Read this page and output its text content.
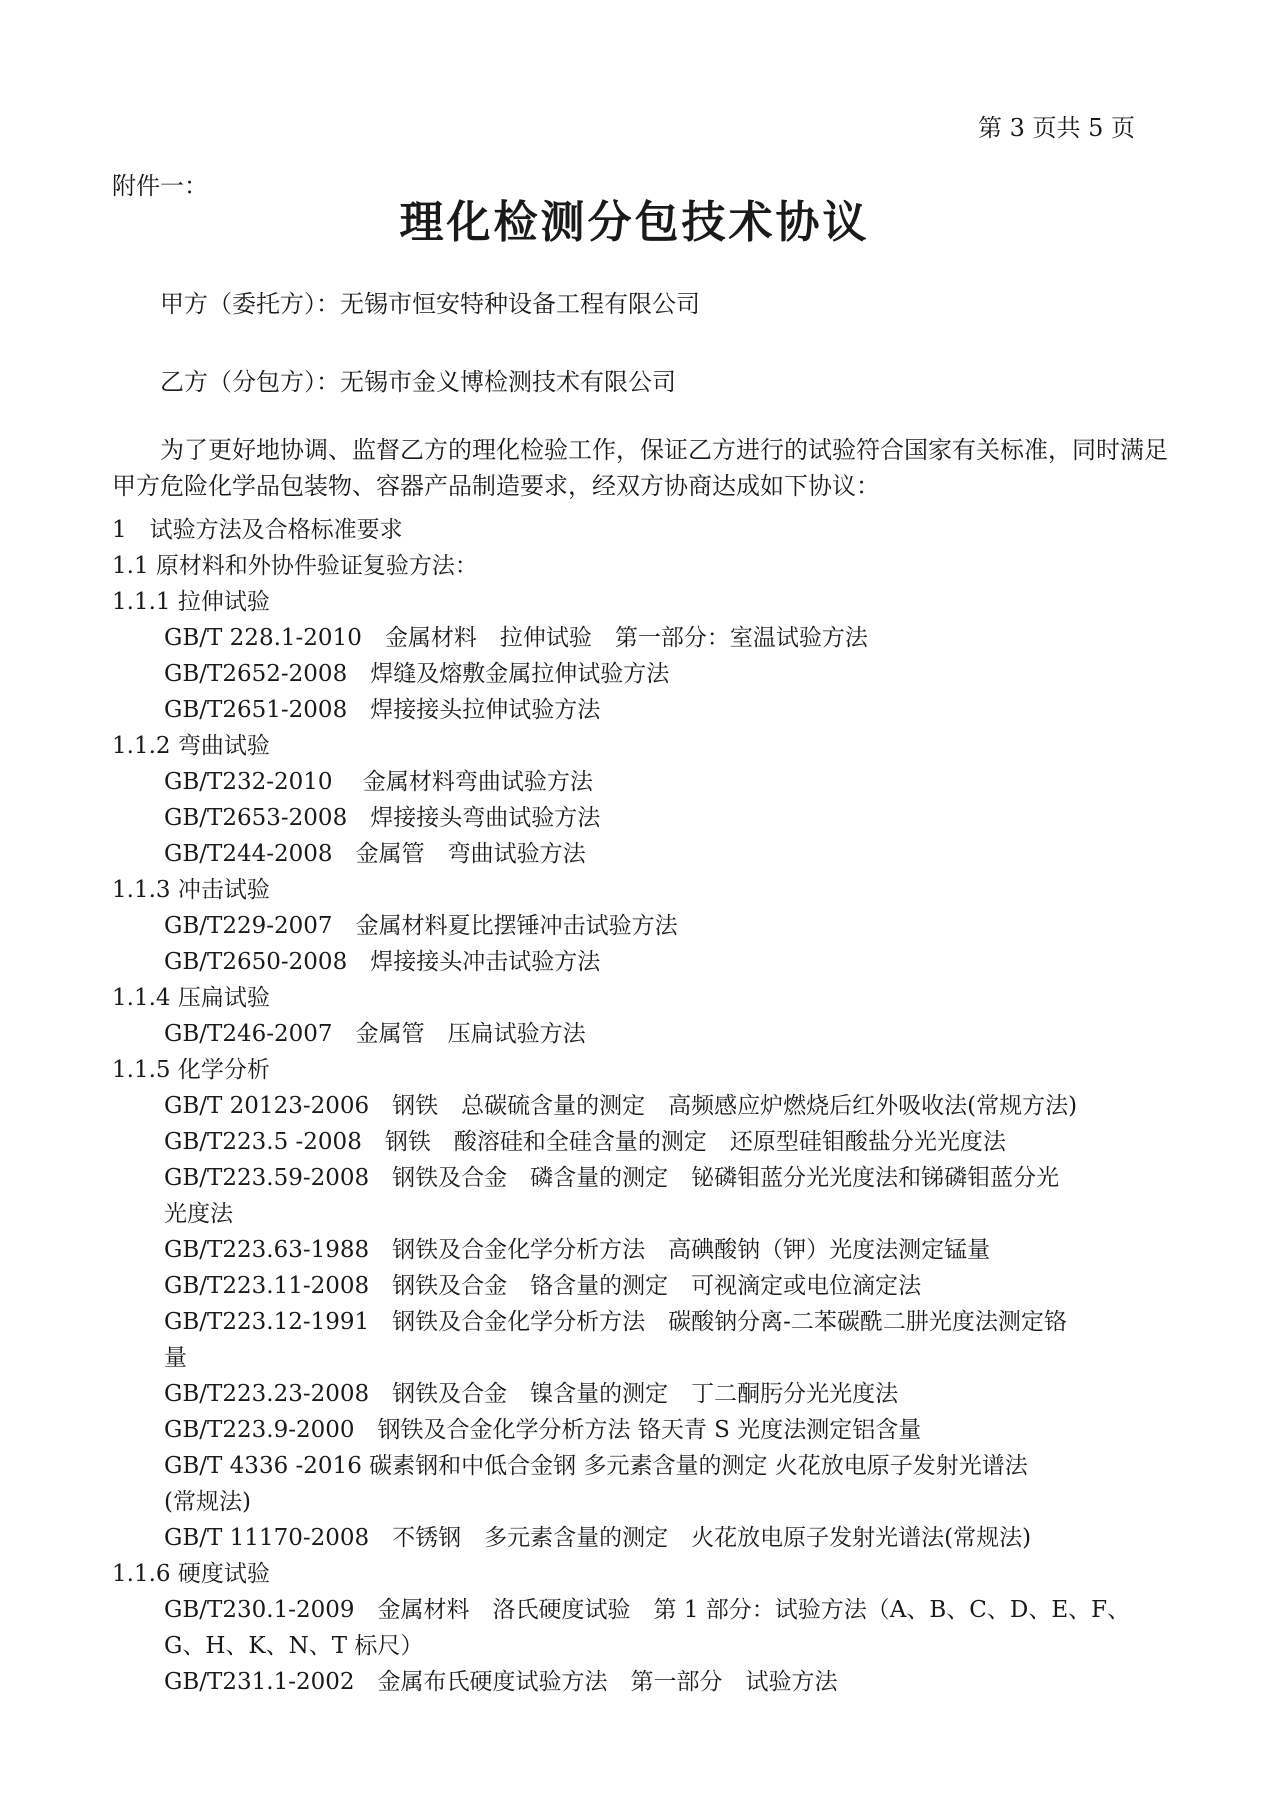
第 3 页共 5 页
附件一：
理化检测分包技术协议
甲方（委托方）：无锡市恒安特种设备工程有限公司
乙方（分包方）：无锡市金义博检测技术有限公司
为了更好地协调、监督乙方的理化检验工作，保证乙方进行的试验符合国家有关标准，同时满足甲方危险化学品包装物、容器产品制造要求，经双方协商达成如下协议：
1　试验方法及合格标准要求
1.1 原材料和外协件验证复验方法：
1.1.1 拉伸试验
GB/T 228.1-2010　金属材料　拉伸试验　第一部分：室温试验方法
GB/T2652-2008　焊缝及熔敷金属拉伸试验方法
GB/T2651-2008　焊接接头拉伸试验方法
1.1.2 弯曲试验
GB/T232-2010　 金属材料弯曲试验方法
GB/T2653-2008　焊接接头弯曲试验方法
GB/T244-2008　金属管　弯曲试验方法
1.1.3 冲击试验
GB/T229-2007　金属材料夏比摆锤冲击试验方法
GB/T2650-2008　焊接接头冲击试验方法
1.1.4 压扁试验
GB/T246-2007　金属管　压扁试验方法
1.1.5 化学分析
GB/T 20123-2006　钢铁　总碳硫含量的测定　高频感应炉燃烧后红外吸收法(常规方法)
GB/T223.5 -2008　钢铁　酸溶硅和全硅含量的测定　还原型硅钼酸盐分光光度法
GB/T223.59-2008　钢铁及合金　磷含量的测定　铋磷钼蓝分光光度法和锑磷钼蓝分光
光度法
GB/T223.63-1988　钢铁及合金化学分析方法　高碘酸钠（钾）光度法测定锰量
GB/T223.11-2008　钢铁及合金　铬含量的测定　可视滴定或电位滴定法
GB/T223.12-1991　钢铁及合金化学分析方法　碳酸钠分离-二苯碳酰二肼光度法测定铬
量
GB/T223.23-2008　钢铁及合金　镍含量的测定　丁二酮肟分光光度法
GB/T223.9-2000　钢铁及合金化学分析方法 铬天青 S 光度法测定铝含量
GB/T 4336 -2016 碳素钢和中低合金钢 多元素含量的测定 火花放电原子发射光谱法
(常规法)
GB/T 11170-2008　不锈钢　多元素含量的测定　火花放电原子发射光谱法(常规法)
1.1.6 硬度试验
GB/T230.1-2009　金属材料　洛氏硬度试验　第 1 部分：试验方法（A、B、C、D、E、F、
G、H、K、N、T 标尺）
GB/T231.1-2002　金属布氏硬度试验方法　第一部分　试验方法
